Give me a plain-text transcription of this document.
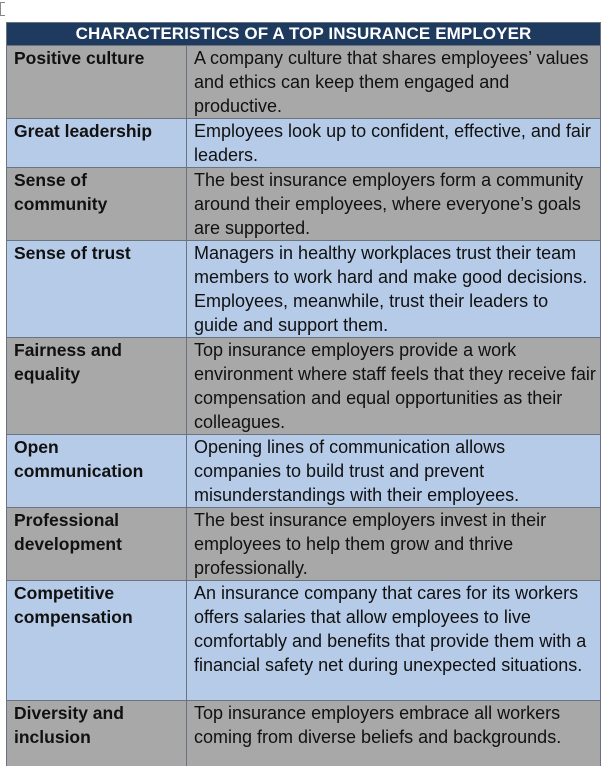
CHARACTERISTICS OF A TOP INSURANCE EMPLOYER	
Positive culture	A company culture that shares employees’ values and ethics can keep them engaged and productive.
Great leadership	Employees look up to confident, effective, and fair leaders.
Sense of community	The best insurance employers form a community around their employees, where everyone’s goals are supported.
Sense of trust	Managers in healthy workplaces trust their team members to work hard and make good decisions. Employees, meanwhile, trust their leaders to guide and support them.
Fairness and equality	Top insurance employers provide a work environment where staff feels that they receive fair compensation and equal opportunities as their colleagues.
Open communication	Opening lines of communication allows companies to build trust and prevent misunderstandings with their employees.
Professional development	The best insurance employers invest in their employees to help them grow and thrive professionally.
Competitive compensation	An insurance company that cares for its workers offers salaries that allow employees to live comfortably and benefits that provide them with a financial safety net during unexpected situations.
Diversity and inclusion	Top insurance employers embrace all workers coming from diverse beliefs and backgrounds.
